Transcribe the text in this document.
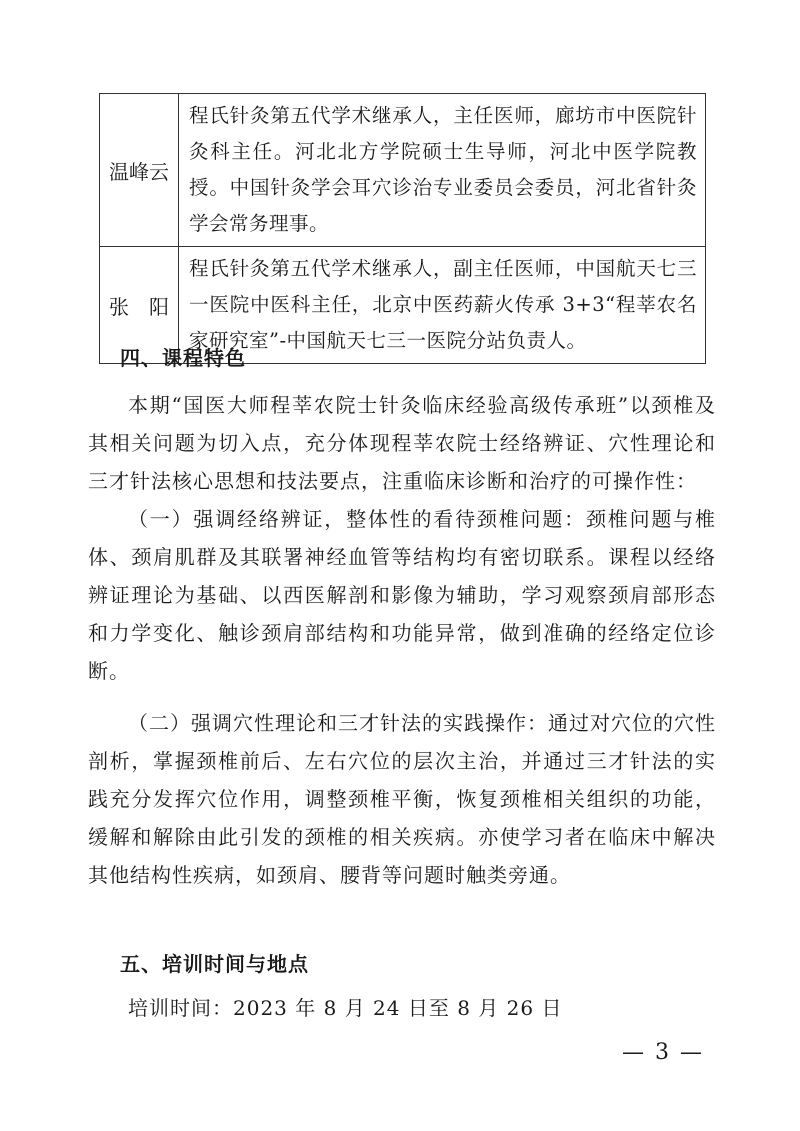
温峰云	程氏针灸第五代学术继承人，主任医师，廊坊市中医院针灸科主任。河北北方学院硕士生导师，河北中医学院教授。中国针灸学会耳穴诊治专业委员会委员，河北省针灸学会常务理事。
张　阳	程氏针灸第五代学术继承人，副主任医师，中国航天七三一医院中医科主任，北京中医药薪火传承 3+3“程莘农名家研究室”-中国航天七三一医院分站负责人。
四、课程特色

本期“国医大师程莘农院士针灸临床经验高级传承班”以颈椎及其相关问题为切入点，充分体现程莘农院士经络辨证、穴性理论和三才针法核心思想和技法要点，注重临床诊断和治疗的可操作性：

（一）强调经络辨证，整体性的看待颈椎问题：颈椎问题与椎体、颈肩肌群及其联署神经血管等结构均有密切联系。课程以经络辨证理论为基础、以西医解剖和影像为辅助，学习观察颈肩部形态和力学变化、触诊颈肩部结构和功能异常，做到准确的经络定位诊断。

（二）强调穴性理论和三才针法的实践操作：通过对穴位的穴性剖析，掌握颈椎前后、左右穴位的层次主治，并通过三才针法的实践充分发挥穴位作用，调整颈椎平衡，恢复颈椎相关组织的功能，缓解和解除由此引发的颈椎的相关疾病。亦使学习者在临床中解决其他结构性疾病，如颈肩、腰背等问题时触类旁通。

五、培训时间与地点

培训时间：2023 年 8 月 24 日至 8 月 26 日

— 3 —
